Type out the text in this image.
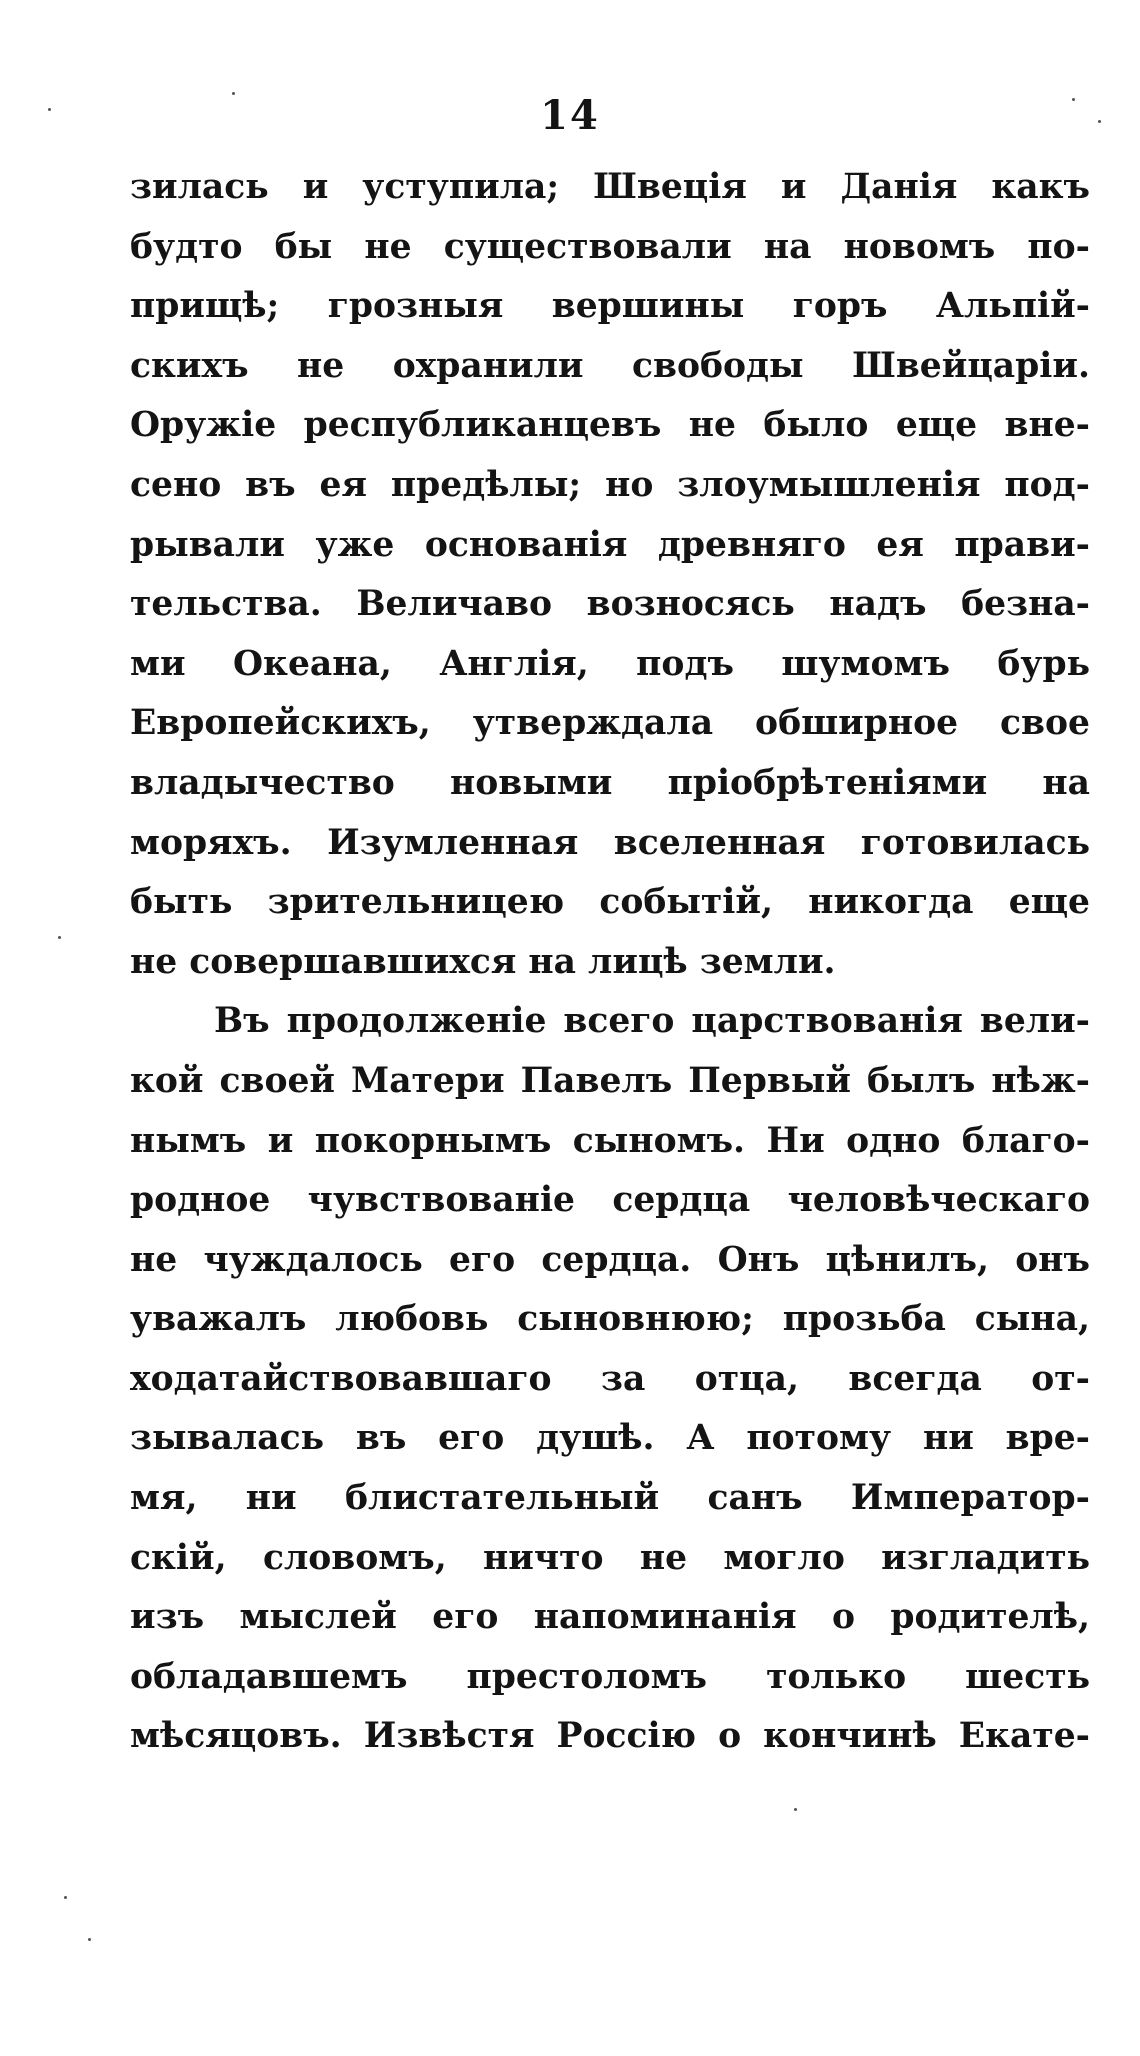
14
зилась и уступила; Швеція и Данія какъ
будто бы не существовали на новомъ по-
прищѣ; грозныя вершины горъ Альпій-
скихъ не охранили свободы Швейцаріи.
Оружіе республиканцевъ не было еще вне-
сено въ ея предѣлы; но злоумышленія под-
рывали уже основанія древняго ея прави-
тельства. Величаво возносясь надъ безна-
ми Океана, Англія, подъ шумомъ бурь
Европейскихъ, утверждала обширное свое
владычество новыми пріобрѣтеніями на
моряхъ. Изумленная вселенная готовилась
быть зрительницею событій, никогда еще
не совершавшихся на лицѣ земли.
Въ продолженіе всего царствованія вели-
кой своей Матери Павелъ Первый былъ нѣж-
нымъ и покорнымъ сыномъ. Ни одно благо-
родное чувствованіе сердца человѣческаго
не чуждалось его сердца. Онъ цѣнилъ, онъ
уважалъ любовь сыновнюю; прозьба сына,
ходатайствовавшаго за отца, всегда от-
зывалась въ его душѣ. А потому ни вре-
мя, ни блистательный санъ Император-
скій, словомъ, ничто не могло изгладить
изъ мыслей его напоминанія о родителѣ,
обладавшемъ престоломъ только шесть
мѣсяцовъ. Извѣстя Россію о кончинѣ Екате-
